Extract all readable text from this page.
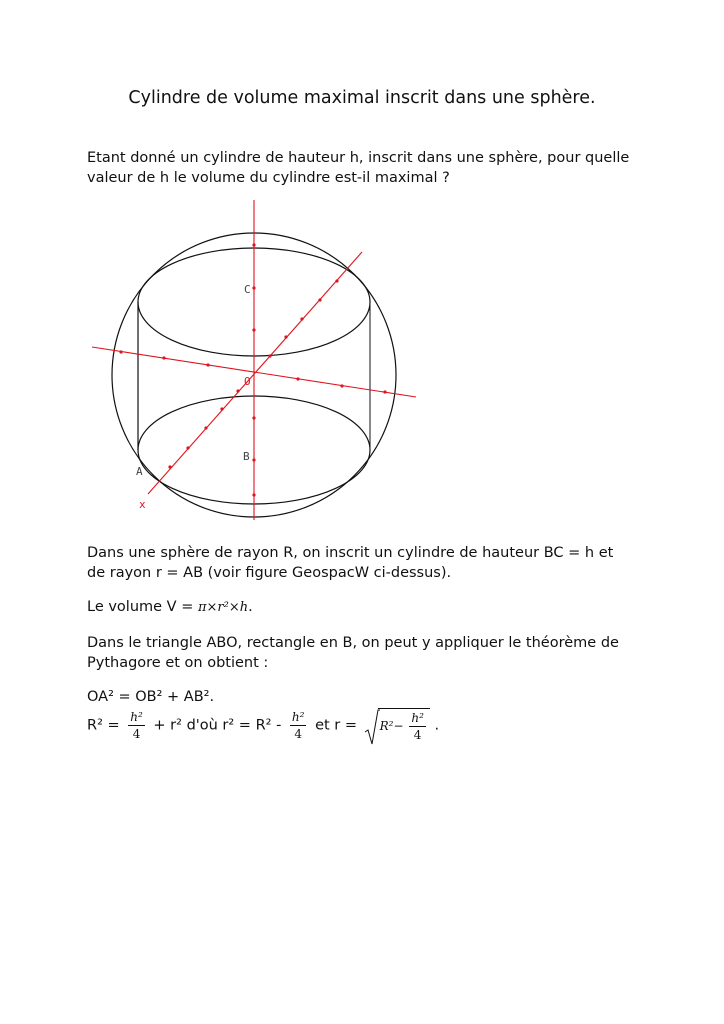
Cylindre de volume maximal inscrit dans une sphère.
Etant donné un cylindre de hauteur h, inscrit dans une sphère, pour quelle
valeur de h le volume du cylindre est-il maximal ?
C
O
B
A
x
Dans une sphère de rayon R, on inscrit un cylindre de hauteur BC = h et
de rayon r = AB (voir figure GeospacW ci-dessus).
Le volume V = π×r²×h.
Dans le triangle ABO, rectangle en B, on peut y appliquer le théorème de
Pythagore et on obtient :
OA² = OB² + AB².
$R^2 = \frac{\text{h²}}{4} + r^2$ d'où $r^2 = R^2 - \frac{\text{h²}}{4}$ et $r = R^2- \frac{\text{h²}}{4}$ .
